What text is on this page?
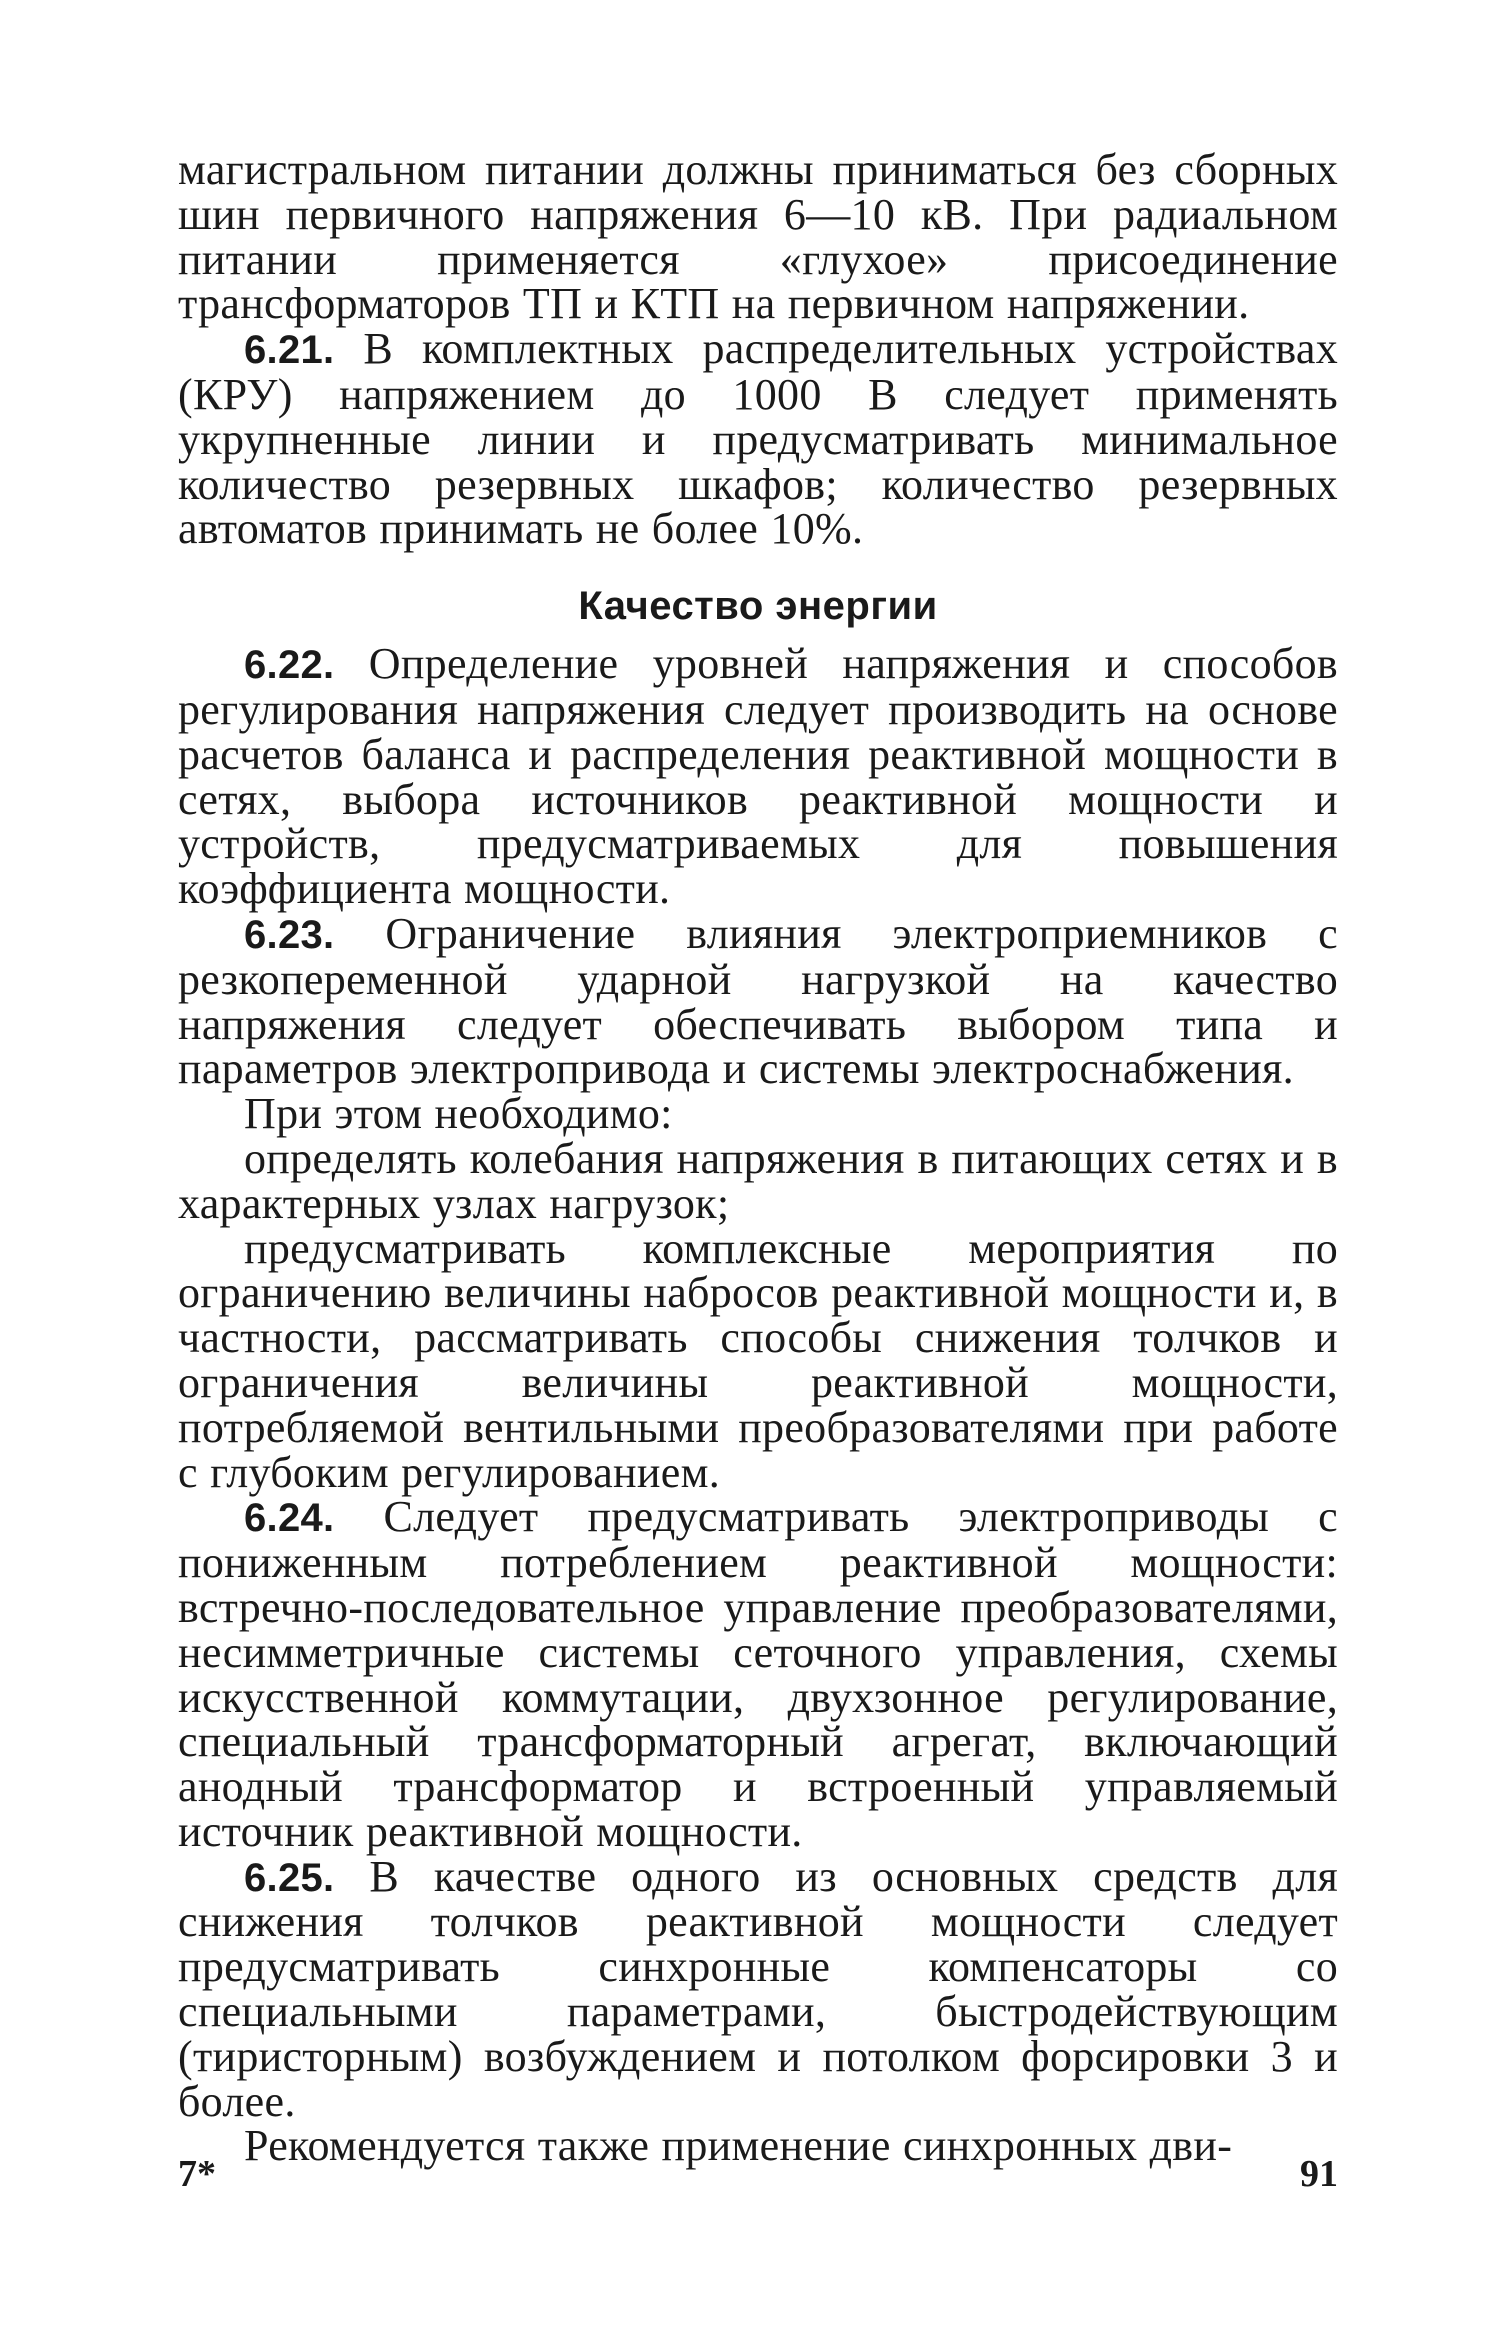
магистральном питании должны приниматься без сборных шин первичного напряжения 6—10 кВ. При радиальном питании применяется «глухое» присоединение трансформаторов ТП и КТП на первичном напряжении.

6.21. В комплектных распределительных устройствах (КРУ) напряжением до 1000 В следует применять укрупненные линии и предусматривать минимальное количество резервных шкафов; количество резервных автоматов принимать не более 10%.

Качество энергии

6.22. Определение уровней напряжения и способов регулирования напряжения следует производить на основе расчетов баланса и распределения реактивной мощности в сетях, выбора источников реактивной мощности и устройств, предусматриваемых для повышения коэффициента мощности.

6.23. Ограничение влияния электроприемников с резкопеременной ударной нагрузкой на качество напряжения следует обеспечивать выбором типа и параметров электропривода и системы электроснабжения.

При этом необходимо:

определять колебания напряжения в питающих сетях и в характерных узлах нагрузок;

предусматривать комплексные мероприятия по ограничению величины набросов реактивной мощности и, в частности, рассматривать способы снижения толчков и ограничения величины реактивной мощности, потребляемой вентильными преобразователями при работе с глубоким регулированием.

6.24. Следует предусматривать электроприводы с пониженным потреблением реактивной мощности: встречно-последовательное управление преобразователями, несимметричные системы сеточного управления, схемы искусственной коммутации, двухзонное регулирование, специальный трансформаторный агрегат, включающий анодный трансформатор и встроенный управляемый источник реактивной мощности.

6.25. В качестве одного из основных средств для снижения толчков реактивной мощности следует предусматривать синхронные компенсаторы со специальными параметрами, быстродействующим (тиристорным) возбуждением и потолком форсировки 3 и более.

Рекомендуется также применение синхронных дви-

7*	91
